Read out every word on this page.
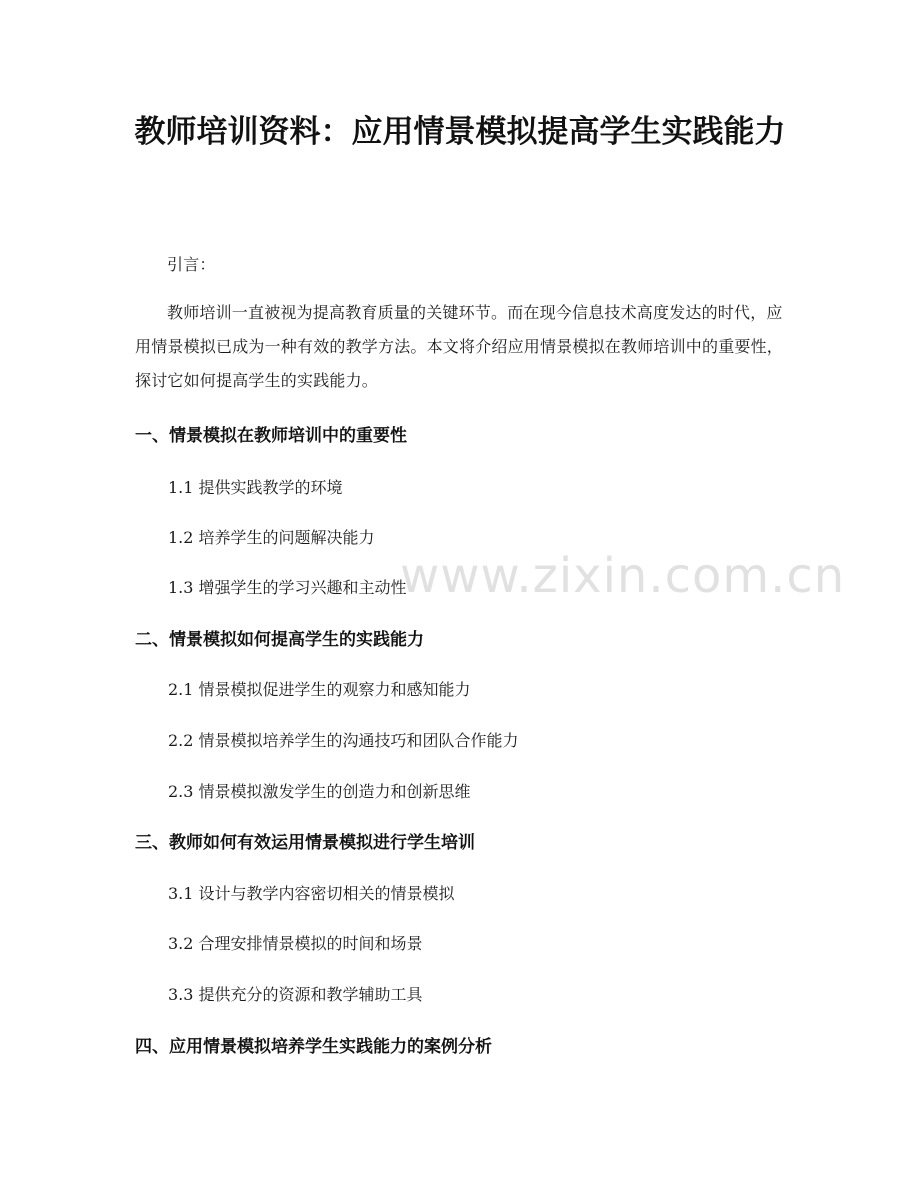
教师培训资料：应用情景模拟提高学生实践能力
引言：
教师培训一直被视为提高教育质量的关键环节。而在现今信息技术高度发达的时代，应用情景模拟已成为一种有效的教学方法。本文将介绍应用情景模拟在教师培训中的重要性，探讨它如何提高学生的实践能力。
一、情景模拟在教师培训中的重要性
1.1 提供实践教学的环境
1.2 培养学生的问题解决能力
1.3 增强学生的学习兴趣和主动性
二、情景模拟如何提高学生的实践能力
2.1 情景模拟促进学生的观察力和感知能力
2.2 情景模拟培养学生的沟通技巧和团队合作能力
2.3 情景模拟激发学生的创造力和创新思维
三、教师如何有效运用情景模拟进行学生培训
3.1 设计与教学内容密切相关的情景模拟
3.2 合理安排情景模拟的时间和场景
3.3 提供充分的资源和教学辅助工具
四、应用情景模拟培养学生实践能力的案例分析
www.zixin.com.cn
